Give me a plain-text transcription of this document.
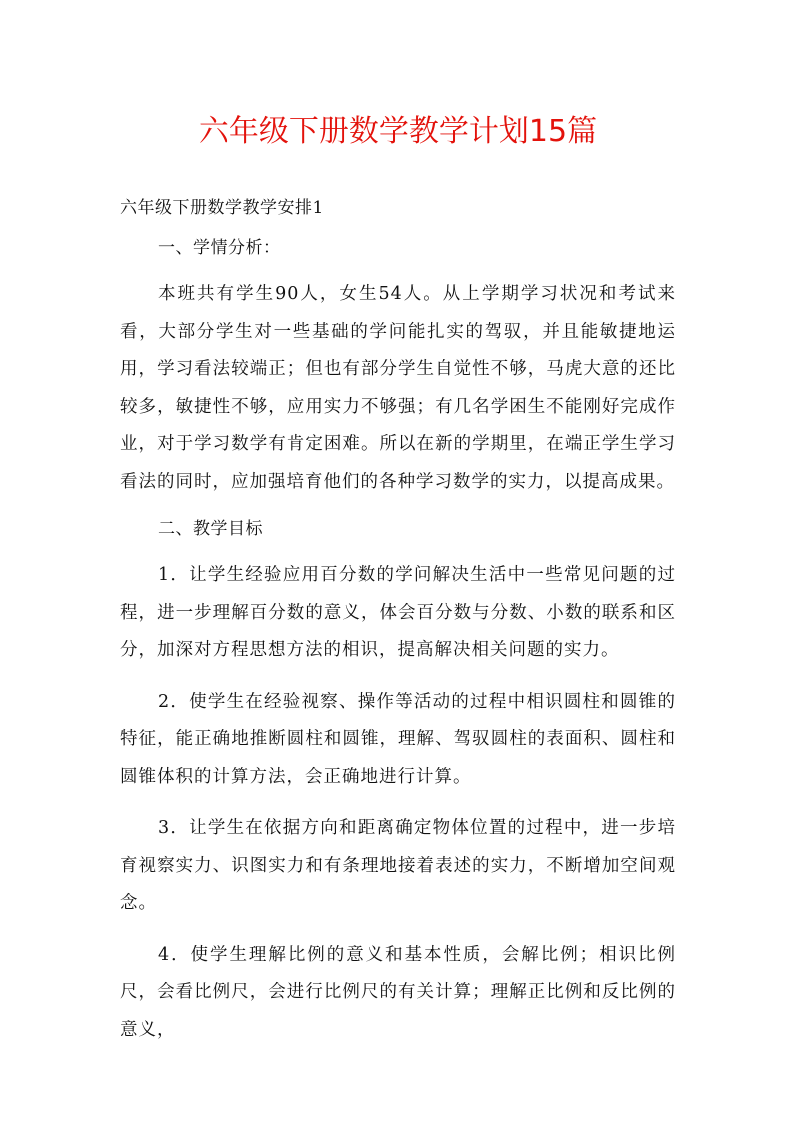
六年级下册数学教学计划15篇
六年级下册数学教学安排1
一、学情分析：

本班共有学生90人，女生54人。从上学期学习状况和考试来看，大部分学生对一些基础的学问能扎实的驾驭，并且能敏捷地运用，学习看法较端正；但也有部分学生自觉性不够，马虎大意的还比较多，敏捷性不够，应用实力不够强；有几名学困生不能刚好完成作业，对于学习数学有肯定困难。所以在新的学期里，在端正学生学习看法的同时，应加强培育他们的各种学习数学的实力，以提高成果。

二、教学目标

1．让学生经验应用百分数的学问解决生活中一些常见问题的过程，进一步理解百分数的意义，体会百分数与分数、小数的联系和区分，加深对方程思想方法的相识，提高解决相关问题的实力。

2．使学生在经验视察、操作等活动的过程中相识圆柱和圆锥的特征，能正确地推断圆柱和圆锥，理解、驾驭圆柱的表面积、圆柱和圆锥体积的计算方法，会正确地进行计算。

3．让学生在依据方向和距离确定物体位置的过程中，进一步培育视察实力、识图实力和有条理地接着表述的实力，不断增加空间观念。

4．使学生理解比例的意义和基本性质，会解比例；相识比例尺，会看比例尺，会进行比例尺的有关计算；理解正比例和反比例的意义，
